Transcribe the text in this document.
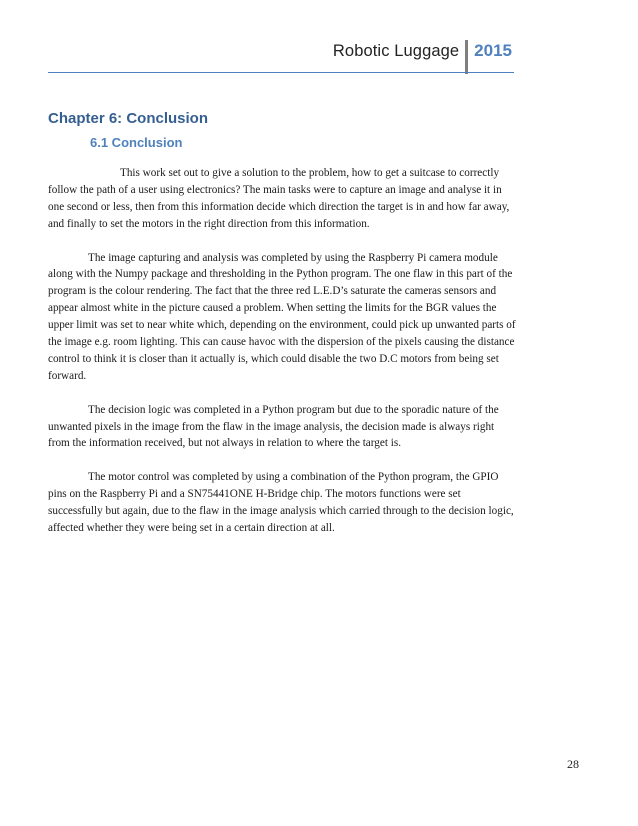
Robotic Luggage 2015
Chapter 6: Conclusion
6.1 Conclusion

This work set out to give a solution to the problem, how to get a suitcase to correctly follow the path of a user using electronics? The main tasks were to capture an image and analyse it in one second or less, then from this information decide which direction the target is in and how far away, and finally to set the motors in the right direction from this information.

The image capturing and analysis was completed by using the Raspberry Pi camera module along with the Numpy package and thresholding in the Python program. The one flaw in this part of the program is the colour rendering. The fact that the three red L.E.D’s saturate the cameras sensors and appear almost white in the picture caused a problem. When setting the limits for the BGR values the upper limit was set to near white which, depending on the environment, could pick up unwanted parts of the image e.g. room lighting. This can cause havoc with the dispersion of the pixels causing the distance control to think it is closer than it actually is, which could disable the two D.C motors from being set forward.

The decision logic was completed in a Python program but due to the sporadic nature of the unwanted pixels in the image from the flaw in the image analysis, the decision made is always right from the information received, but not always in relation to where the target is.

The motor control was completed by using a combination of the Python program, the GPIO pins on the Raspberry Pi and a SN75441ONE H-Bridge chip. The motors functions were set successfully but again, due to the flaw in the image analysis which carried through to the decision logic, affected whether they were being set in a certain direction at all.

28
